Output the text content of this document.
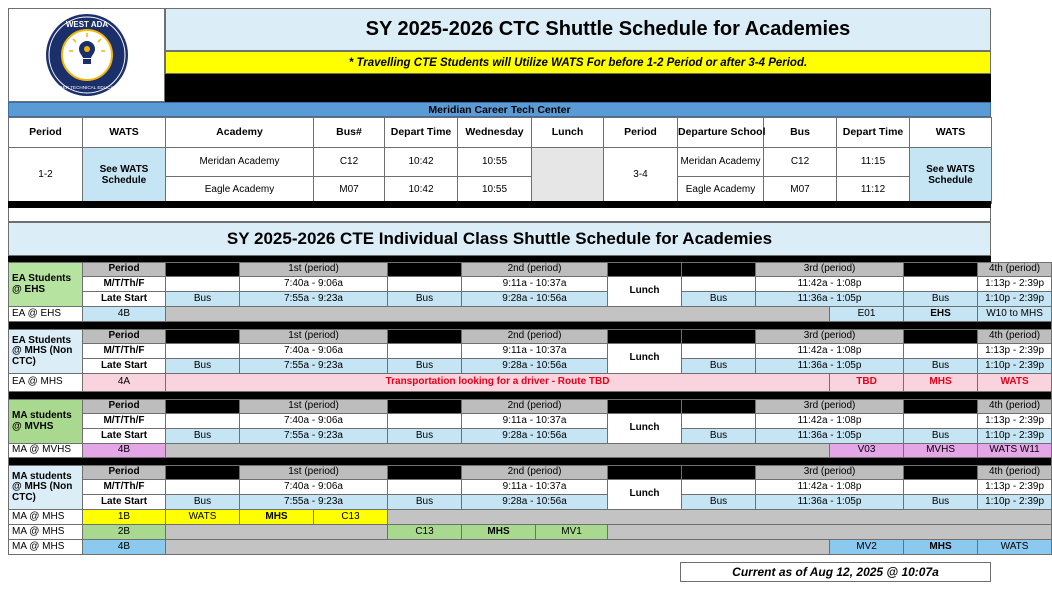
WEST ADA
CAREER TECHNICAL EDUCATION
SY 2025-2026 CTC Shuttle Schedule for Academies
* Travelling CTE Students will Utilize WATS For before 1-2 Period or after 3-4 Period.
Meridian Career Tech Center
Period	WATS	Academy	Bus#	Depart Time	Wednesday	Lunch	Period	Departure School	Bus	Depart Time	WATS
1-2	See WATS Schedule	Meridan Academy	C12	10:42	10:55		3-4	Meridan Academy	C12	11:15	See WATS Schedule
		Eagle Academy	M07	10:42	10:55			Eagle Academy	M07	11:12	
SY 2025-2026 CTE Individual Class Shuttle Schedule for Academies
EA Students @ EHS	Period		1st (period)			2nd (period)				3rd (period)			4th (period)
	M/T/Th/F		7:40a - 9:06a			9:11a - 10:37a		Lunch		11:42a - 1:08p			1:13p - 2:39p
	Late Start	Bus	7:55a - 9:23a		Bus	9:28a - 10:56a			Bus	11:36a - 1:05p		Bus	1:10p - 2:39p
EA @ EHS	4B										E01	EHS	W10 to MHS

EA Students @ MHS (Non CTC)	Period		1st (period)			2nd (period)				3rd (period)			4th (period)
	M/T/Th/F		7:40a - 9:06a			9:11a - 10:37a		Lunch		11:42a - 1:08p			1:13p - 2:39p
	Late Start	Bus	7:55a - 9:23a		Bus	9:28a - 10:56a			Bus	11:36a - 1:05p		Bus	1:10p - 2:39p
EA @ MHS	4A	Transportation looking for a driver - Route TBD									TBD	MHS	WATS

MA students @ MVHS	Period		1st (period)			2nd (period)				3rd (period)			4th (period)
	M/T/Th/F		7:40a - 9:06a			9:11a - 10:37a		Lunch		11:42a - 1:08p			1:13p - 2:39p
	Late Start	Bus	7:55a - 9:23a		Bus	9:28a - 10:56a			Bus	11:36a - 1:05p		Bus	1:10p - 2:39p
MA @ MVHS	4B										V03	MVHS	WATS W11

MA students @ MHS (Non CTC)	Period		1st (period)			2nd (period)				3rd (period)			4th (period)
	M/T/Th/F		7:40a - 9:06a			9:11a - 10:37a		Lunch		11:42a - 1:08p			1:13p - 2:39p
	Late Start	Bus	7:55a - 9:23a		Bus	9:28a - 10:56a			Bus	11:36a - 1:05p		Bus	1:10p - 2:39p
MA @ MHS	1B	WATS	MHS	C13									
MA @ MHS	2B				C13	MHS	MV1						
MA @ MHS	4B										MV2	MHS	WATS
Current as of Aug 12, 2025 @ 10:07a
